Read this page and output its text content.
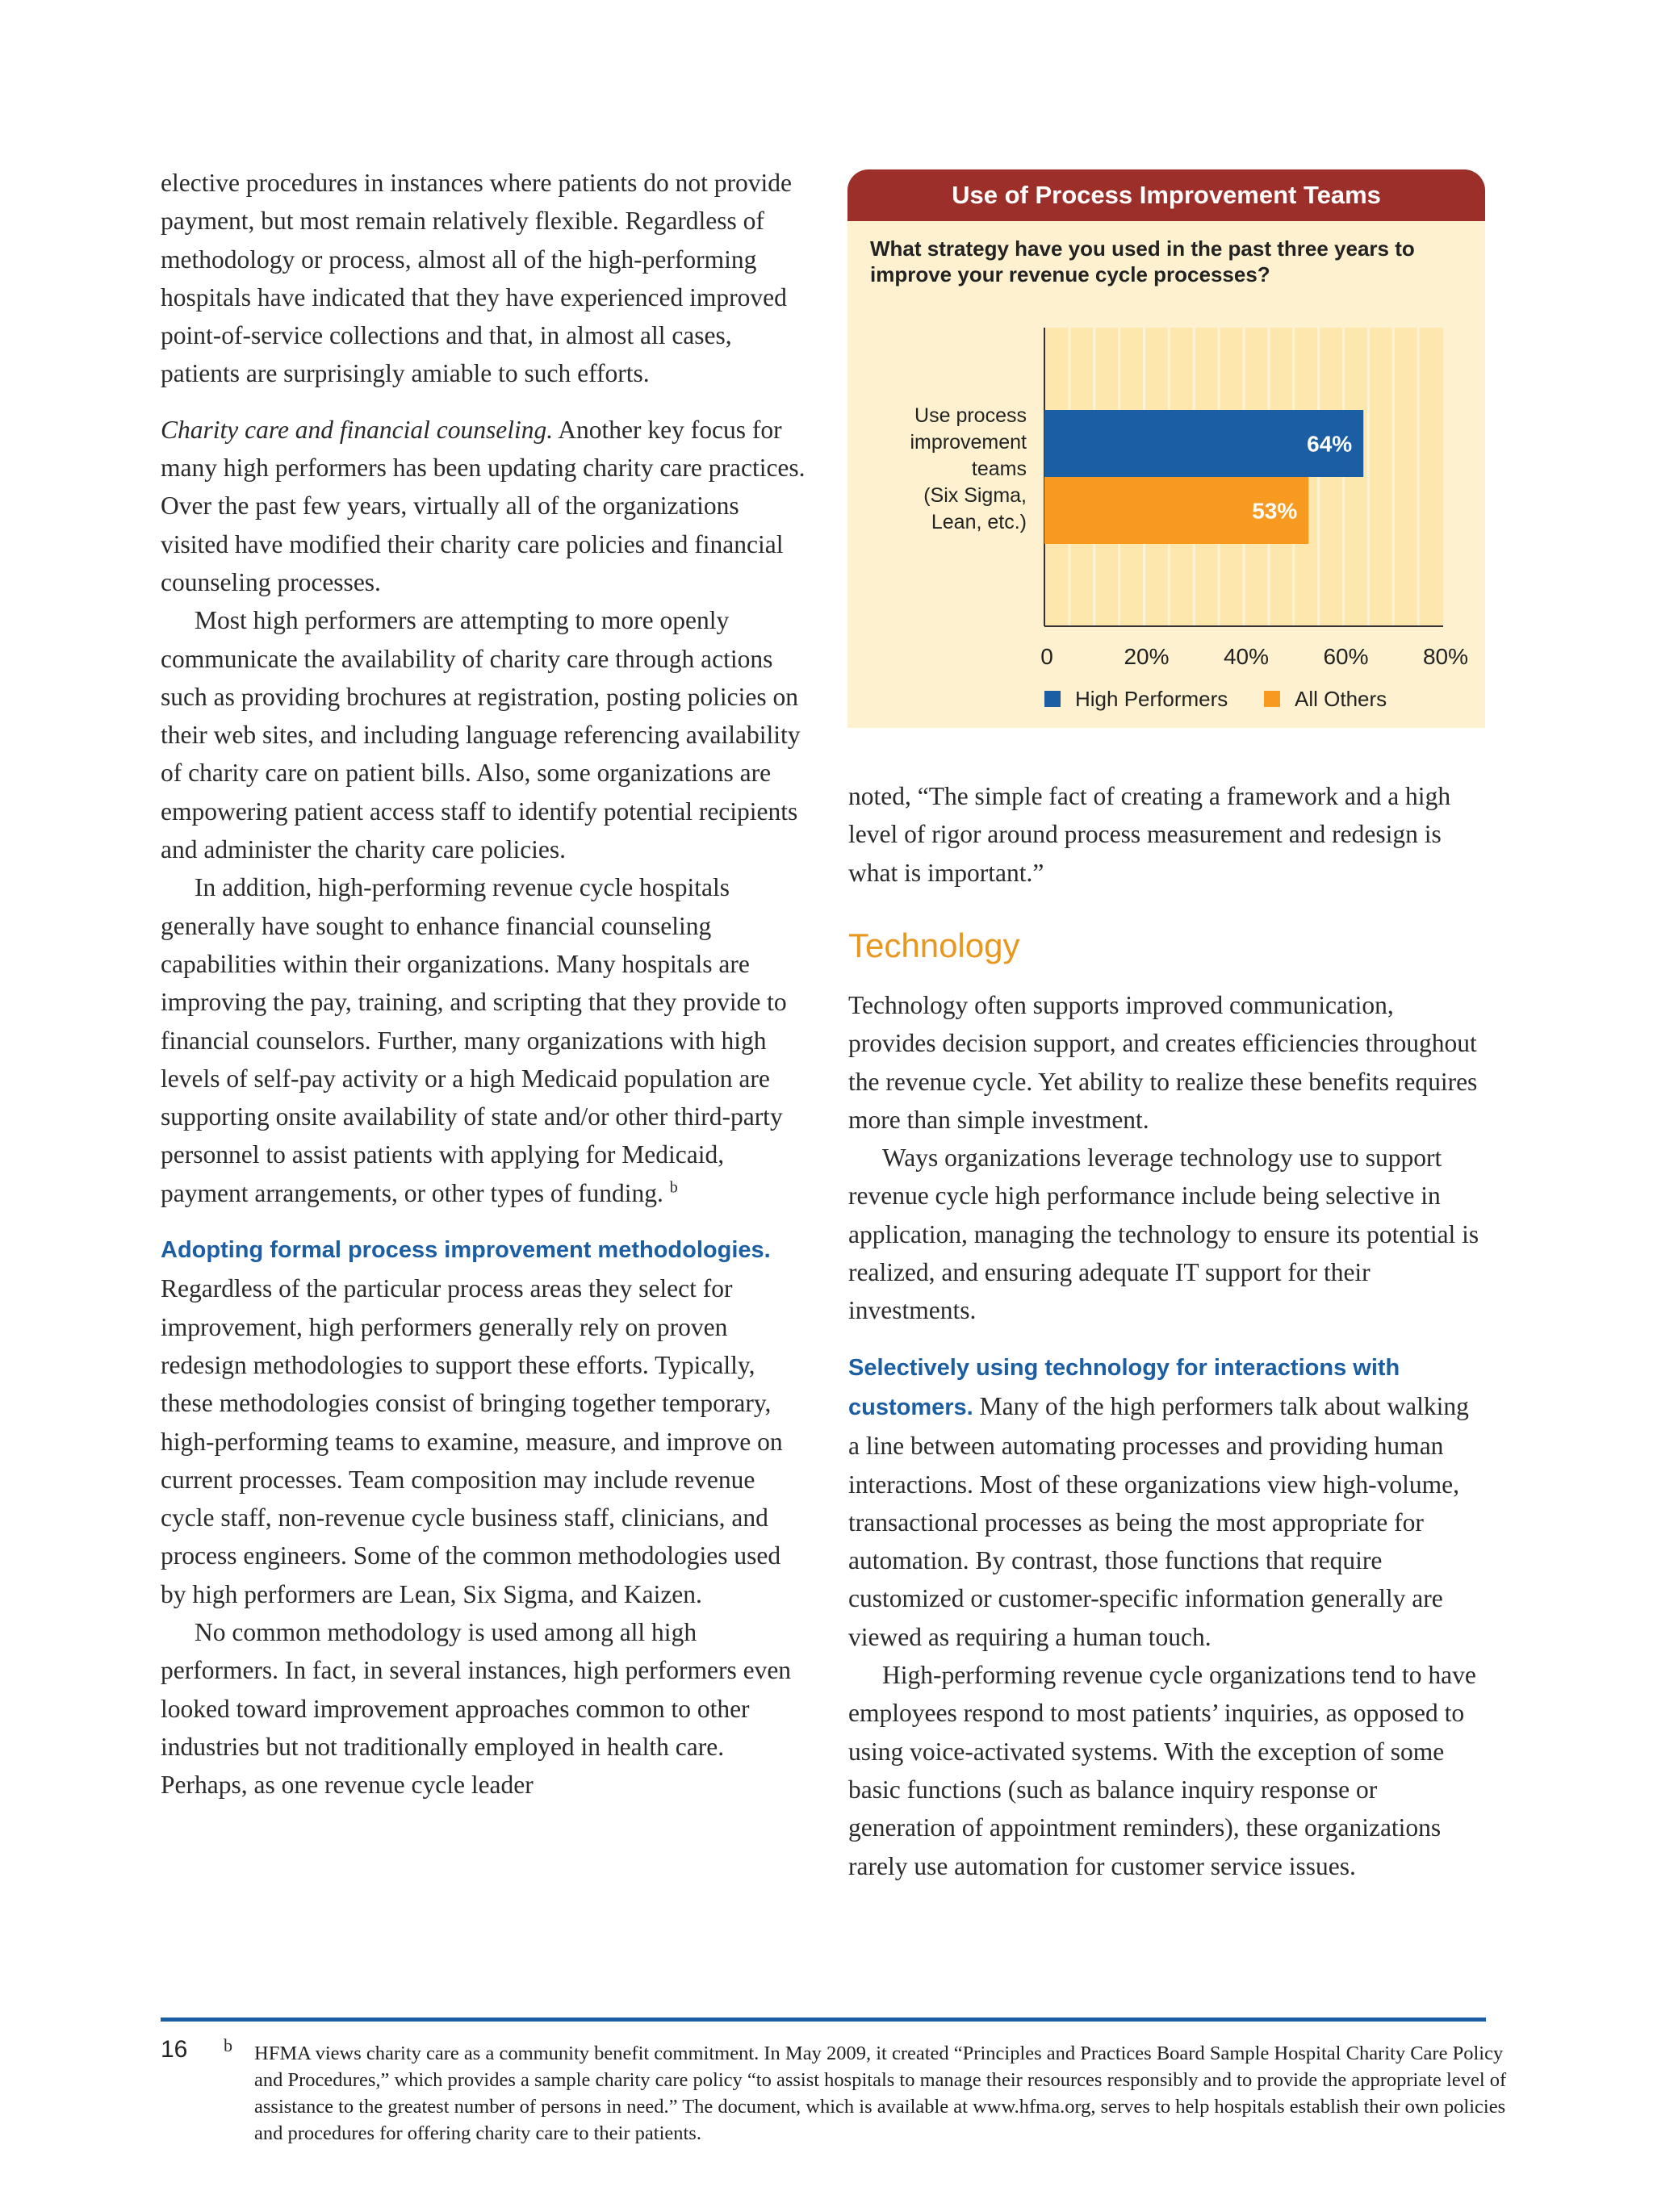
elective procedures in instances where patients do not provide payment, but most remain relatively flexible. Regardless of methodology or process, almost all of the high-performing hospitals have indicated that they have experienced improved point-of-service collections and that, in almost all cases, patients are surprisingly amiable to such efforts.

Charity care and financial counseling. Another key focus for many high performers has been updating charity care practices. Over the past few years, virtually all of the organizations visited have modified their charity care policies and financial counseling processes.

Most high performers are attempting to more openly communicate the availability of charity care through actions such as providing brochures at registration, posting policies on their web sites, and including language referencing availability of charity care on patient bills. Also, some organizations are empowering patient access staff to identify potential recipients and administer the charity care policies.

In addition, high-performing revenue cycle hospitals generally have sought to enhance financial counseling capabilities within their organizations. Many hospitals are improving the pay, training, and scripting that they provide to financial counselors. Further, many organizations with high levels of self-pay activity or a high Medicaid population are supporting onsite availability of state and/or other third-party personnel to assist patients with applying for Medicaid, payment arrangements, or other types of funding. $^b$

Adopting formal process improvement methodologies.
Regardless of the particular process areas they select for improvement, high performers generally rely on proven redesign methodologies to support these efforts. Typically, these methodologies consist of bringing together temporary, high-performing teams to examine, measure, and improve on current processes. Team composition may include revenue cycle staff, non-revenue cycle business staff, clinicians, and process engineers. Some of the common methodologies used by high performers are Lean, Six Sigma, and Kaizen.

No common methodology is used among all high performers. In fact, in several instances, high performers even looked toward improvement approaches common to other industries but not traditionally employed in health care. Perhaps, as one revenue cycle leader

Use of Process Improvement Teams
What strategy have you used in the past three years to improve your revenue cycle processes?
64%
53%
Use process
improvement
teams
(Six Sigma,
Lean, etc.)
0	20% 40% 60% 80%
High Performers	All Others

noted, “The simple fact of creating a framework and a high level of rigor around process measurement and redesign is what is important.”

Technology

Technology often supports improved communication, provides decision support, and creates efficiencies throughout the revenue cycle. Yet ability to realize these benefits requires more than simple investment.

Ways organizations leverage technology use to support revenue cycle high performance include being selective in application, managing the technology to ensure its potential is realized, and ensuring adequate IT support for their investments.

Selectively using technology for interactions with customers. Many of the high performers talk about walking a line between automating processes and providing human interactions. Most of these organizations view high-volume, transactional processes as being the most appropriate for automation. By contrast, those functions that require customized or customer-specific information generally are viewed as requiring a human touch.

High-performing revenue cycle organizations tend to have employees respond to most patients’ inquiries, as opposed to using voice-activated systems. With the exception of some basic functions (such as balance inquiry response or generation of appointment reminders), these organizations rarely use automation for customer service issues.

16 b HFMA views charity care as a community benefit commitment. In May 2009, it created “Principles and Practices Board Sample Hospital Charity Care Policy and Procedures,” which provides a sample charity care policy “to assist hospitals to manage their resources responsibly and to provide the appropriate level of assistance to the greatest number of persons in need.” The document, which is available at www.hfma.org, serves to help hospitals establish their own policies and procedures for offering charity care to their patients.
